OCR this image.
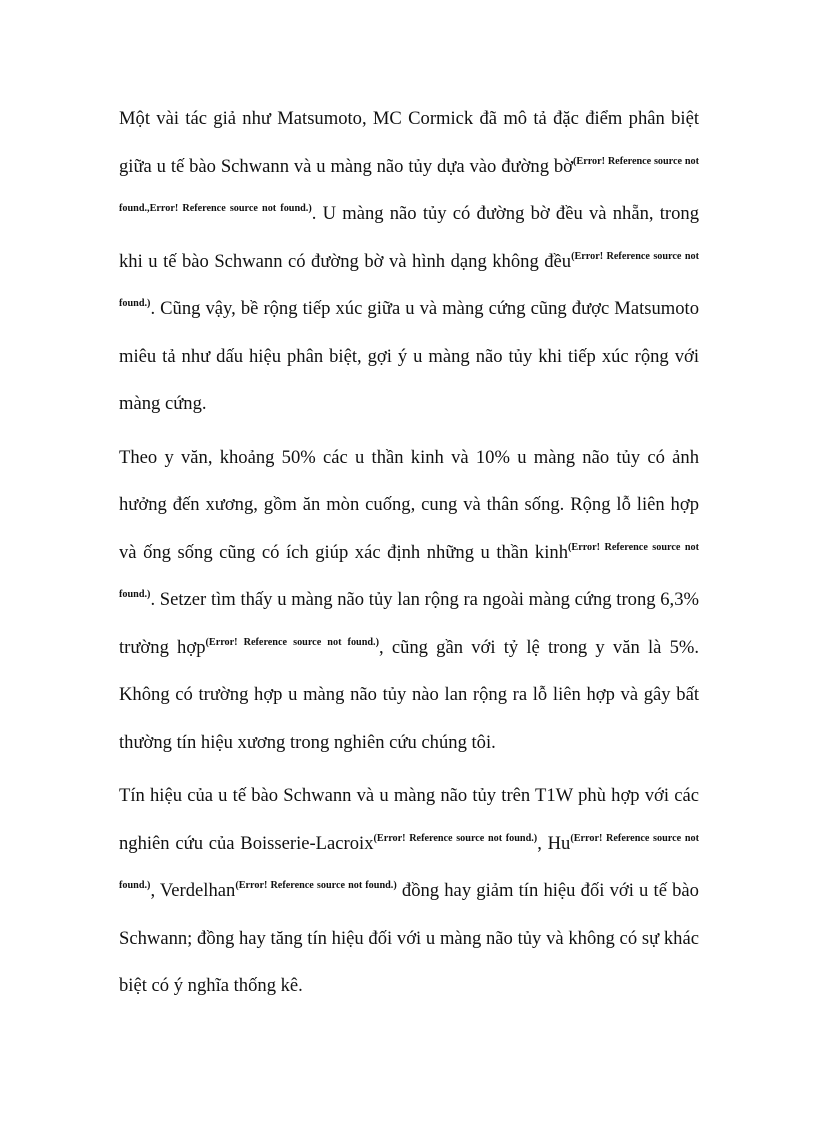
Một vài tác giả như Matsumoto, MC Cormick đã mô tả đặc điểm phân biệt giữa u tế bào Schwann và u màng não tủy dựa vào đường bờ$^{(Error! Reference source not found.,Error! Reference source not found.)}$. U màng não tủy có đường bờ đều và nhẵn, trong khi u tế bào Schwann có đường bờ và hình dạng không đều$^{(Error! Reference source not found.)}$. Cũng vậy, bề rộng tiếp xúc giữa u và màng cứng cũng được Matsumoto miêu tả như dấu hiệu phân biệt, gợi ý u màng não tủy khi tiếp xúc rộng với màng cứng.

Theo y văn, khoảng 50% các u thần kinh và 10% u màng não tủy có ảnh hưởng đến xương, gồm ăn mòn cuống, cung và thân sống. Rộng lỗ liên hợp và ống sống cũng có ích giúp xác định những u thần kinh$^{(Error! Reference source not found.)}$. Setzer tìm thấy u màng não tủy lan rộng ra ngoài màng cứng trong 6,3% trường hợp$^{(Error! Reference source not found.)}$, cũng gần với tỷ lệ trong y văn là 5%. Không có trường hợp u màng não tủy nào lan rộng ra lỗ liên hợp và gây bất thường tín hiệu xương trong nghiên cứu chúng tôi.

Tín hiệu của u tế bào Schwann và u màng não tủy trên T1W phù hợp với các nghiên cứu của Boisserie-Lacroix$^{(Error! Reference source not found.)}$, Hu$^{(Error! Reference source not found.)}$, Verdelhan$^{(Error! Reference source not found.)}$ đồng hay giảm tín hiệu đối với u tế bào Schwann; đồng hay tăng tín hiệu đối với u màng não tủy và không có sự khác biệt có ý nghĩa thống kê.
